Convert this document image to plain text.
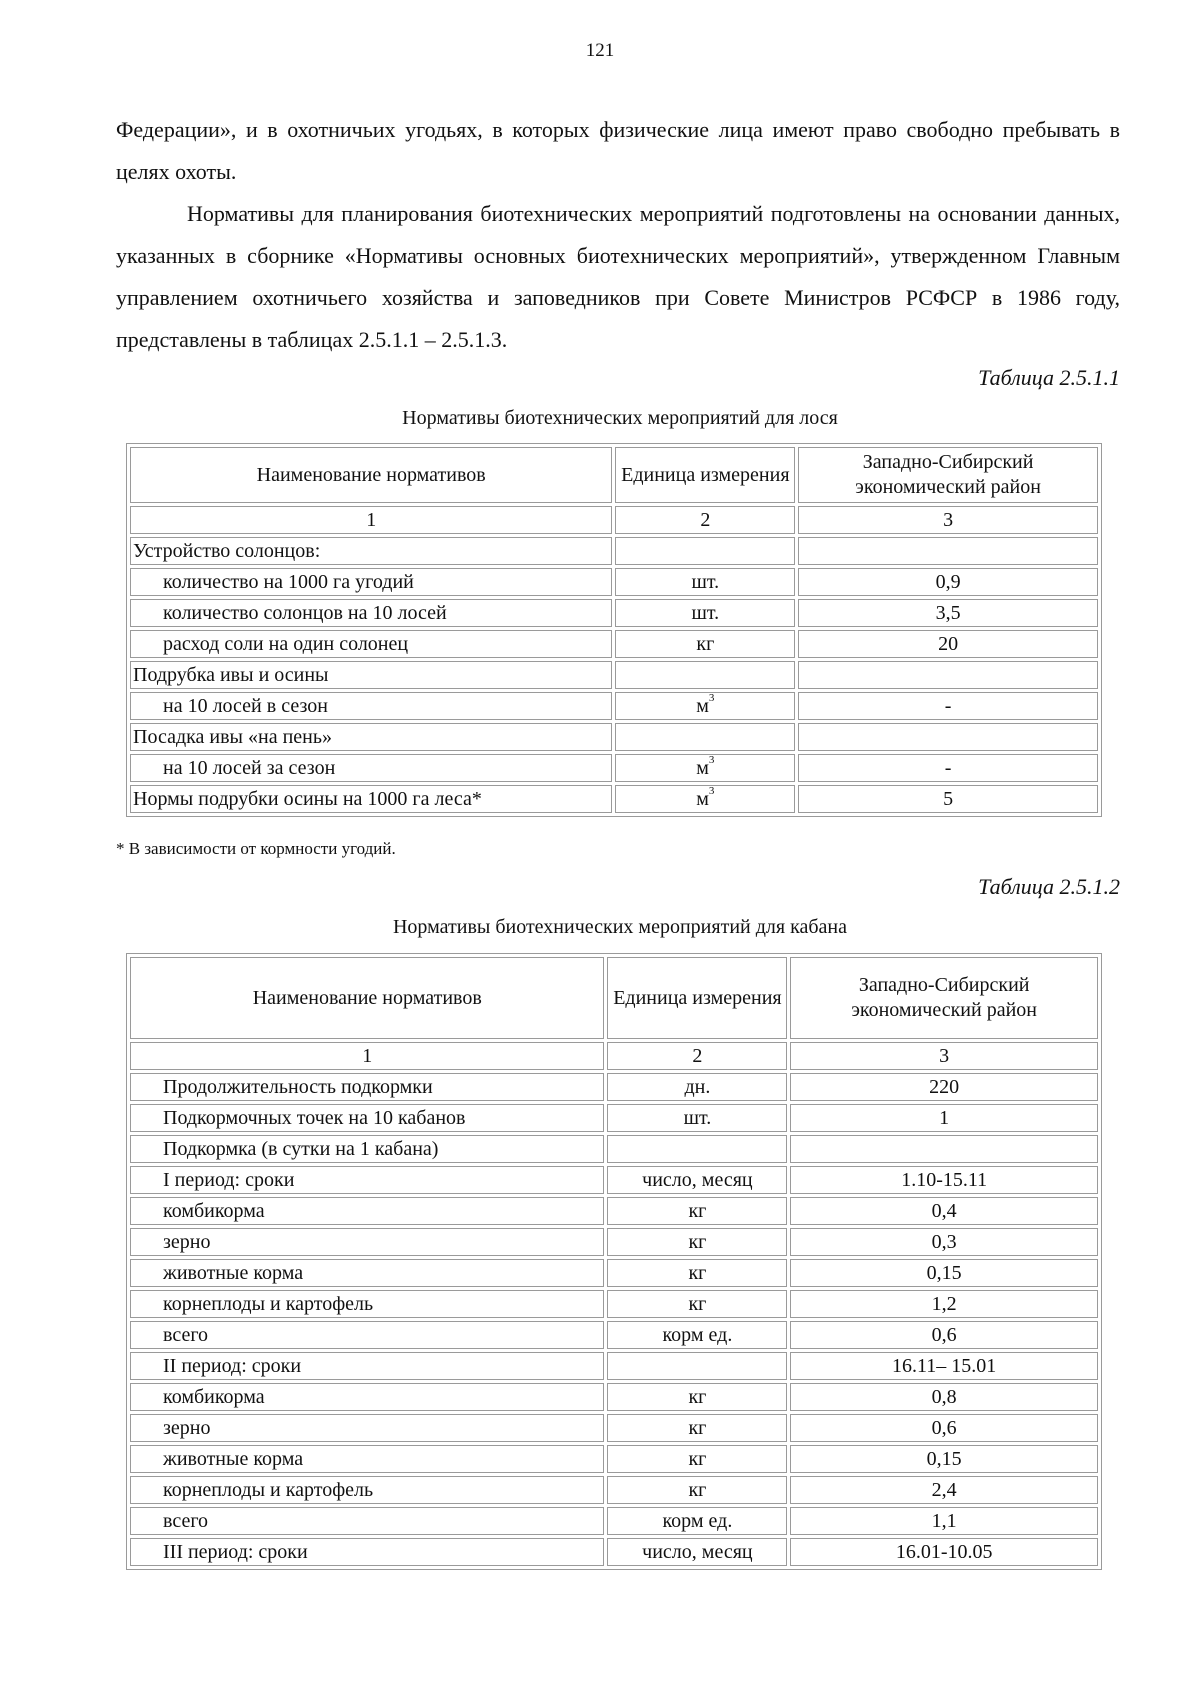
121

Федерации», и в охотничьих угодьях, в которых физические лица имеют право свободно пребывать в целях охоты.

Нормативы для планирования биотехнических мероприятий подготовлены на основании данных, указанных в сборнике «Нормативы основных биотехнических мероприятий», утвержденном Главным управлением охотничьего хозяйства и заповедников при Совете Министров РСФСР в 1986 году, представлены в таблицах 2.5.1.1 – 2.5.1.3.

Таблица 2.5.1.1
Нормативы биотехнических мероприятий для лося
Наименование нормативов	Единица измерения	Западно-Сибирский экономический район
1	2	3
Устройство солонцов:		
количество на 1000 га угодий	шт.	0,9
количество солонцов на 10 лосей	шт.	3,5
расход соли на один солонец	кг	20
Подрубка ивы и осины		
на 10 лосей в сезон	$м^3$	-
Посадка ивы «на пень»		
на 10 лосей за сезон	$м^3$	-
Нормы подрубки осины на 1000 га леса*	$м^3$	5
* В зависимости от кормности угодий.
Таблица 2.5.1.2
Нормативы биотехнических мероприятий для кабана
Наименование нормативов	Единица измерения	Западно-Сибирский экономический район
1	2	3
Продолжительность подкормки	дн.	220
Подкормочных точек на 10 кабанов	шт.	1
Подкормка (в сутки на 1 кабана)		
I период: сроки	число, месяц	1.10-15.11
комбикорма	кг	0,4
зерно	кг	0,3
животные корма	кг	0,15
корнеплоды и картофель	кг	1,2
всего	корм ед.	0,6
II период: сроки		16.11– 15.01
комбикорма	кг	0,8
зерно	кг	0,6
животные корма	кг	0,15
корнеплоды и картофель	кг	2,4
всего	корм ед.	1,1
III период: сроки	число, месяц	16.01-10.05
